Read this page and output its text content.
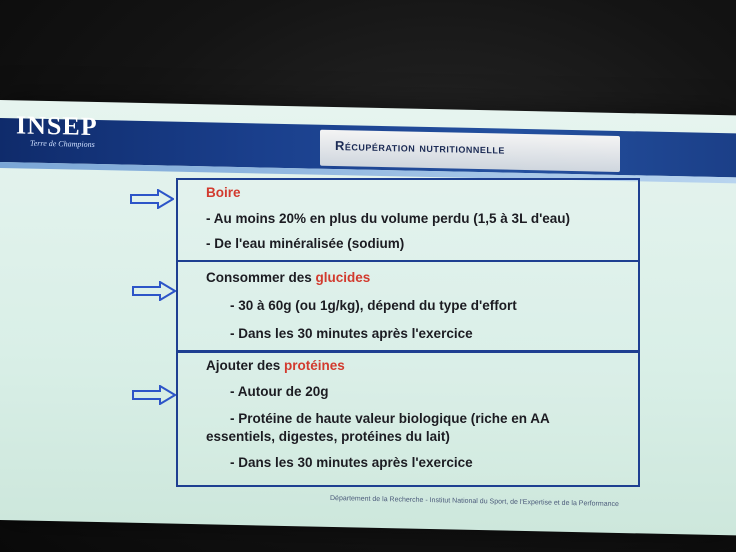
INSEP
Terre de Champions	Récupération nutritionnelle
Boire
- Au moins 20% en plus du volume perdu (1,5 à 3L d'eau)
- De l'eau minéralisée (sodium)
Consommer des glucides
- 30 à 60g (ou 1g/kg), dépend du type d'effort
- Dans les 30 minutes après l'exercice
Ajouter des protéines
- Autour de 20g
- Protéine de haute valeur biologique (riche en AA
essentiels, digestes, protéines du lait)
- Dans les 30 minutes après l'exercice
Département de la Recherche - Institut National du Sport, de l'Expertise et de la Performance
